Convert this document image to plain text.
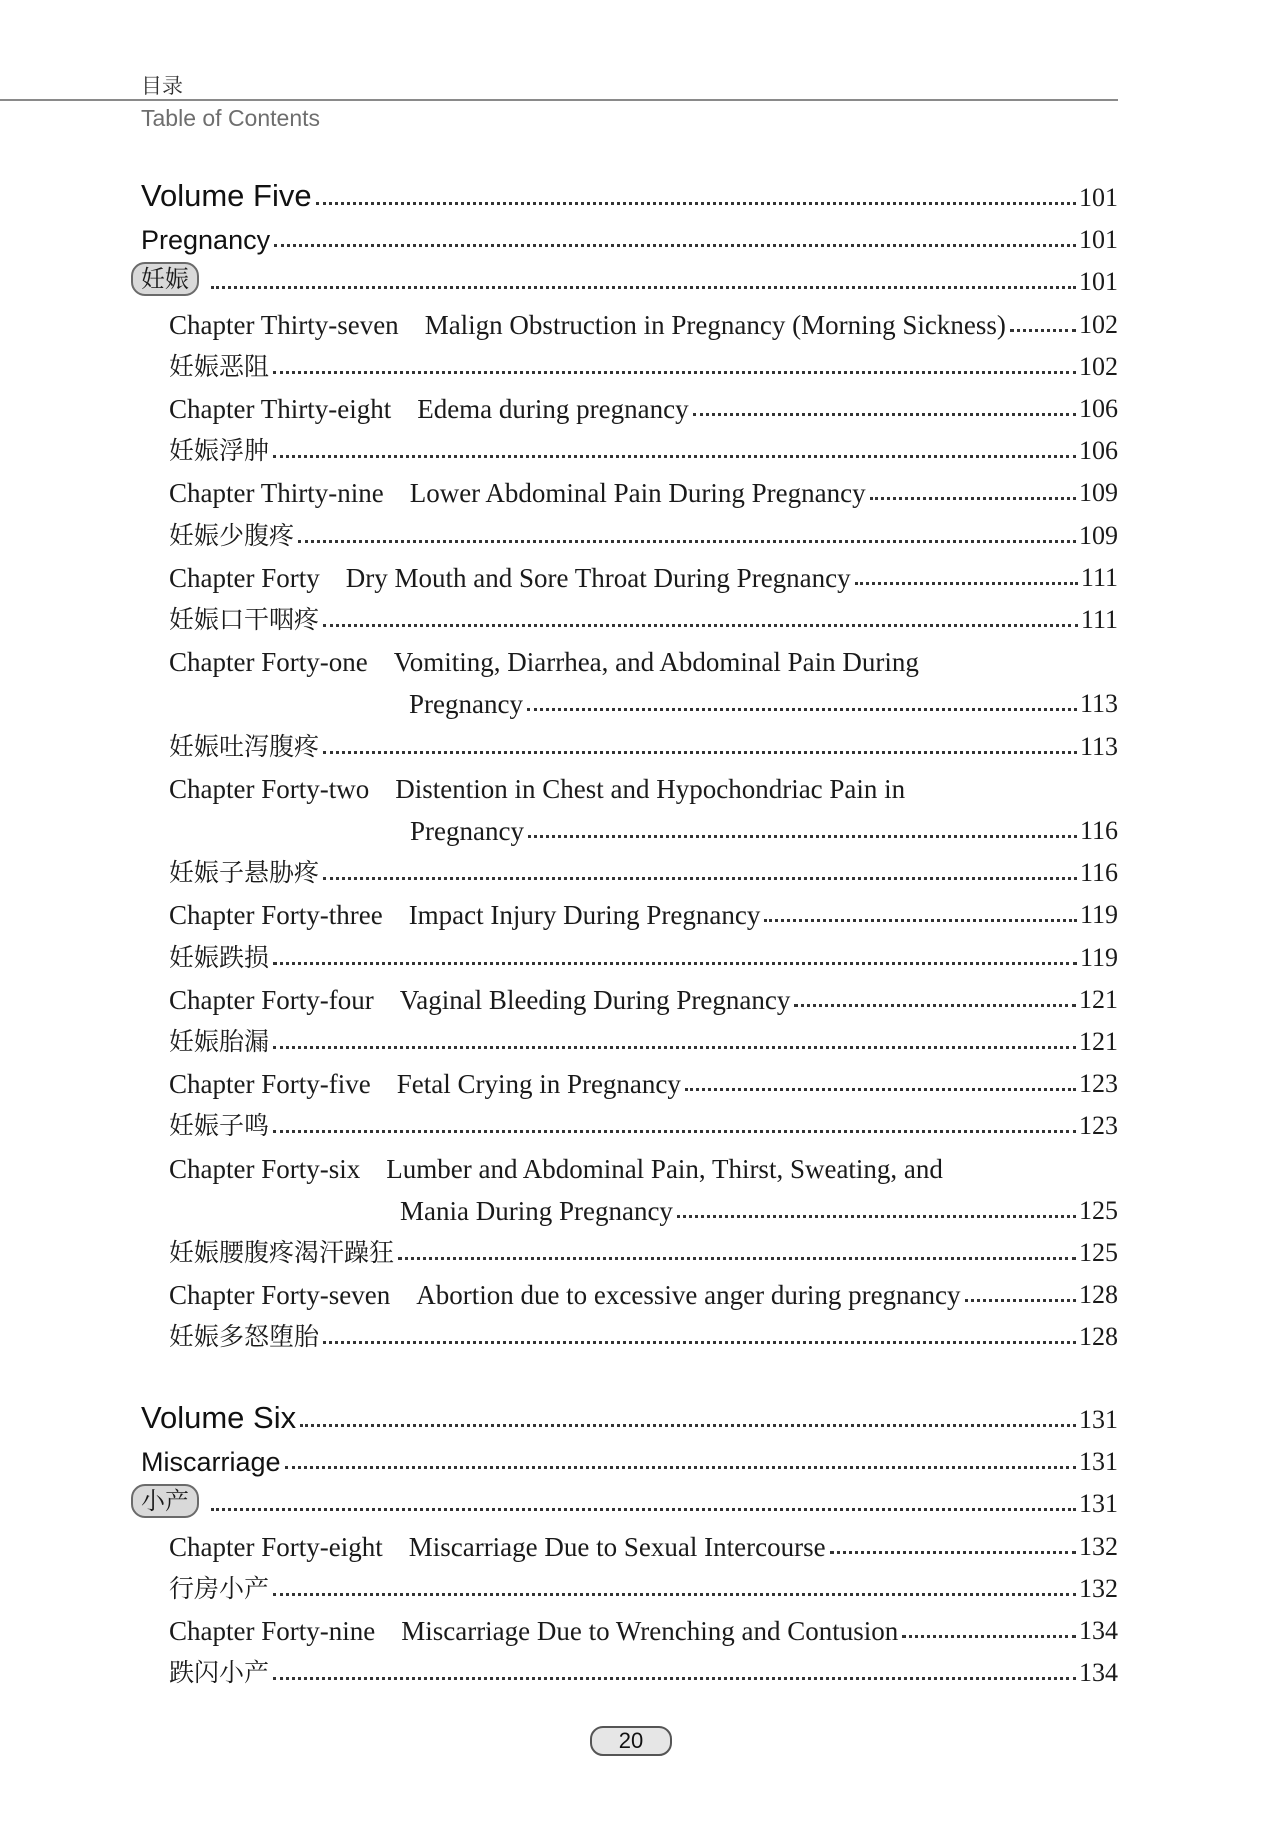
目录
Table of Contents
Volume Five	101
Pregnancy	101
妊娠	101
Chapter Thirty-seven Malign Obstruction in Pregnancy (Morning Sickness)	102
妊娠恶阻	102
Chapter Thirty-eight Edema during pregnancy	106
妊娠浮肿	106
Chapter Thirty-nine Lower Abdominal Pain During Pregnancy	109
妊娠少腹疼	109
Chapter Forty Dry Mouth and Sore Throat During Pregnancy	111
妊娠口干咽疼	111
Chapter Forty-one Vomiting, Diarrhea, and Abdominal Pain During
Pregnancy	113
妊娠吐泻腹疼	113
Chapter Forty-two Distention in Chest and Hypochondriac Pain in
Pregnancy	116
妊娠子悬胁疼	116
Chapter Forty-three Impact Injury During Pregnancy	119
妊娠跌损	119
Chapter Forty-four Vaginal Bleeding During Pregnancy	121
妊娠胎漏	121
Chapter Forty-five Fetal Crying in Pregnancy	123
妊娠子鸣	123
Chapter Forty-six Lumber and Abdominal Pain, Thirst, Sweating, and
Mania During Pregnancy	125
妊娠腰腹疼渴汗躁狂	125
Chapter Forty-seven Abortion due to excessive anger during pregnancy	128
妊娠多怒堕胎	128
Volume Six	131
Miscarriage	131
小产	131
Chapter Forty-eight Miscarriage Due to Sexual Intercourse	132
行房小产	132
Chapter Forty-nine Miscarriage Due to Wrenching and Contusion	134
跌闪小产	134
20
